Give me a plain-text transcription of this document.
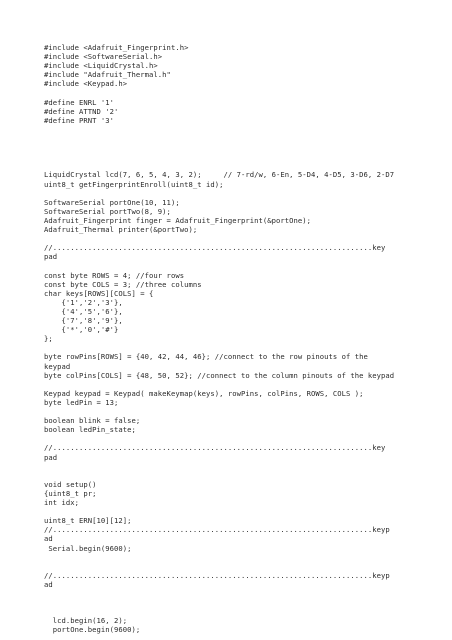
#include <Adafruit_Fingerprint.h>
#include <SoftwareSerial.h>
#include <LiquidCrystal.h>
#include "Adafruit_Thermal.h"
#include <Keypad.h>
#define ENRL '1'
#define ATTND '2'
#define PRNT '3'
LiquidCrystal lcd(7, 6, 5, 4, 3, 2);     // 7-rd/w, 6-En, 5-D4, 4-D5, 3-D6, 2-D7
uint8_t getFingerprintEnroll(uint8_t id);
SoftwareSerial portOne(10, 11);
SoftwareSerial portTwo(8, 9);
Adafruit_Fingerprint finger = Adafruit_Fingerprint(&portOne);
Adafruit_Thermal printer(&portTwo);
//.........................................................................key
pad
const byte ROWS = 4; //four rows
const byte COLS = 3; //three columns
char keys[ROWS][COLS] = {
{'1','2','3'},
{'4','5','6'},
{'7','8','9'},
{'*','0','#'}
};
byte rowPins[ROWS] = {40, 42, 44, 46}; //connect to the row pinouts of the
keypad
byte colPins[COLS] = {48, 50, 52}; //connect to the column pinouts of the keypad
Keypad keypad = Keypad( makeKeymap(keys), rowPins, colPins, ROWS, COLS );
byte ledPin = 13;
boolean blink = false;
boolean ledPin_state;
//.........................................................................key
pad
void setup()
{uint8_t pr;
int idx;
uint8_t ERN[10][12];
//.........................................................................keyp
ad
Serial.begin(9600);
//.........................................................................keyp
ad
lcd.begin(16, 2);
portOne.begin(9600);
